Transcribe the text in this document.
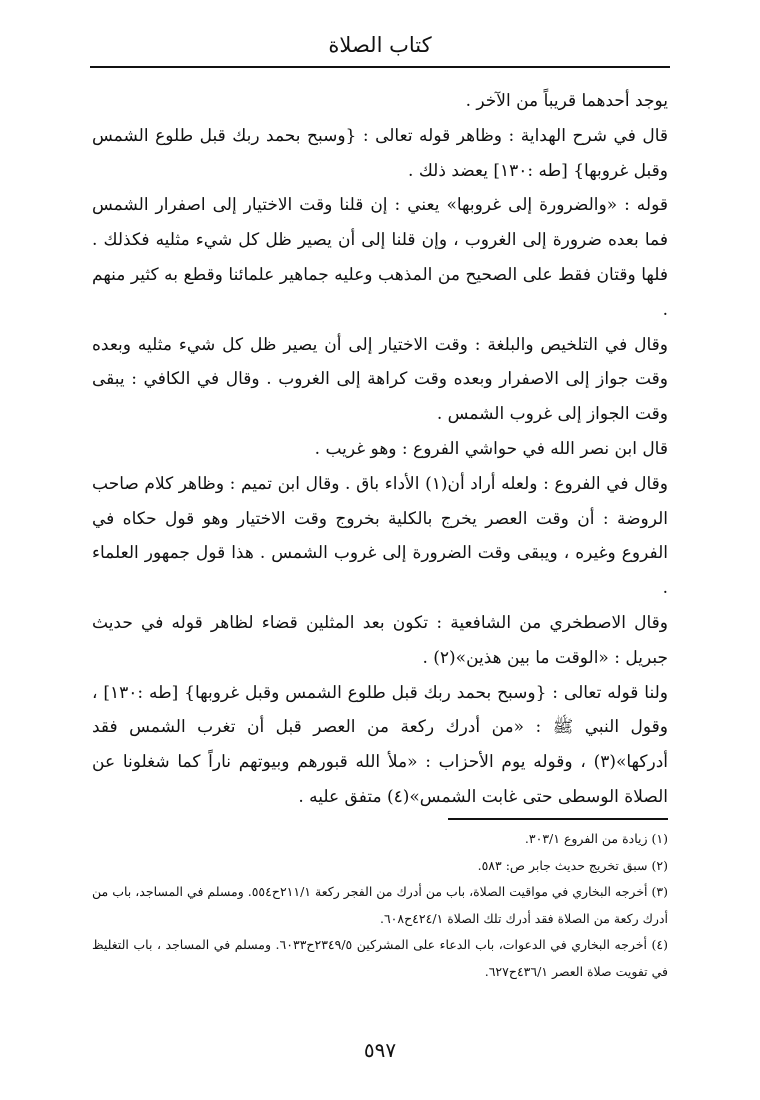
كتاب الصلاة

يوجد أحدهما قريباً من الآخر .

قال في شرح الهداية : وظاهر قوله تعالى : {وسبح بحمد ربك قبل طلوع الشمس وقبل غروبها} [طه :١٣٠] يعضد ذلك .

قوله : «والضرورة إلى غروبها» يعني : إن قلنا وقت الاختيار إلى اصفرار الشمس فما بعده ضرورة إلى الغروب ، وإن قلنا إلى أن يصير ظل كل شيء مثليه فكذلك . فلها وقتان فقط على الصحيح من المذهب وعليه جماهير علمائنا وقطع به كثير منهم .

وقال في التلخيص والبلغة : وقت الاختيار إلى أن يصير ظل كل شيء مثليه وبعده وقت جواز إلى الاصفرار وبعده وقت كراهة إلى الغروب . وقال في الكافي : يبقى وقت الجواز إلى غروب الشمس .

قال ابن نصر الله في حواشي الفروع : وهو غريب .

وقال في الفروع : ولعله أراد أن(١) الأداء باق . وقال ابن تميم : وظاهر كلام صاحب الروضة : أن وقت العصر يخرج بالكلية بخروج وقت الاختيار وهو قول حكاه في الفروع وغيره ، ويبقى وقت الضرورة إلى غروب الشمس . هذا قول جمهور العلماء .

وقال الاصطخري من الشافعية : تكون بعد المثلين قضاء لظاهر قوله في حديث جبريل : «الوقت ما بين هذين»(٢) .

ولنا قوله تعالى : {وسبح بحمد ربك قبل طلوع الشمس وقبل غروبها} [طه :١٣٠] ، وقول النبي ﷺ : «من أدرك ركعة من العصر قبل أن تغرب الشمس فقد أدركها»(٣) ، وقوله يوم الأحزاب : «ملأ الله قبورهم وبيوتهم ناراً كما شغلونا عن الصلاة الوسطى حتى غابت الشمس»(٤) متفق عليه .

(١) زيادة من الفروع ٣٠٣/١.

(٢) سبق تخريج حديث جابر ص: ٥٨٣.

(٣) أخرجه البخاري في مواقيت الصلاة، باب من أدرك من الفجر ركعة ٢١١/١ح٥٥٤. ومسلم في المساجد، باب من أدرك ركعة من الصلاة فقد أدرك تلك الصلاة ٤٢٤/١ح٦٠٨.

(٤) أخرجه البخاري في الدعوات، باب الدعاء على المشركين ٢٣٤٩/٥ح٦٠٣٣. ومسلم في المساجد ، باب التغليظ في تفويت صلاة العصر ٤٣٦/١ح٦٢٧.

٥٩٧
